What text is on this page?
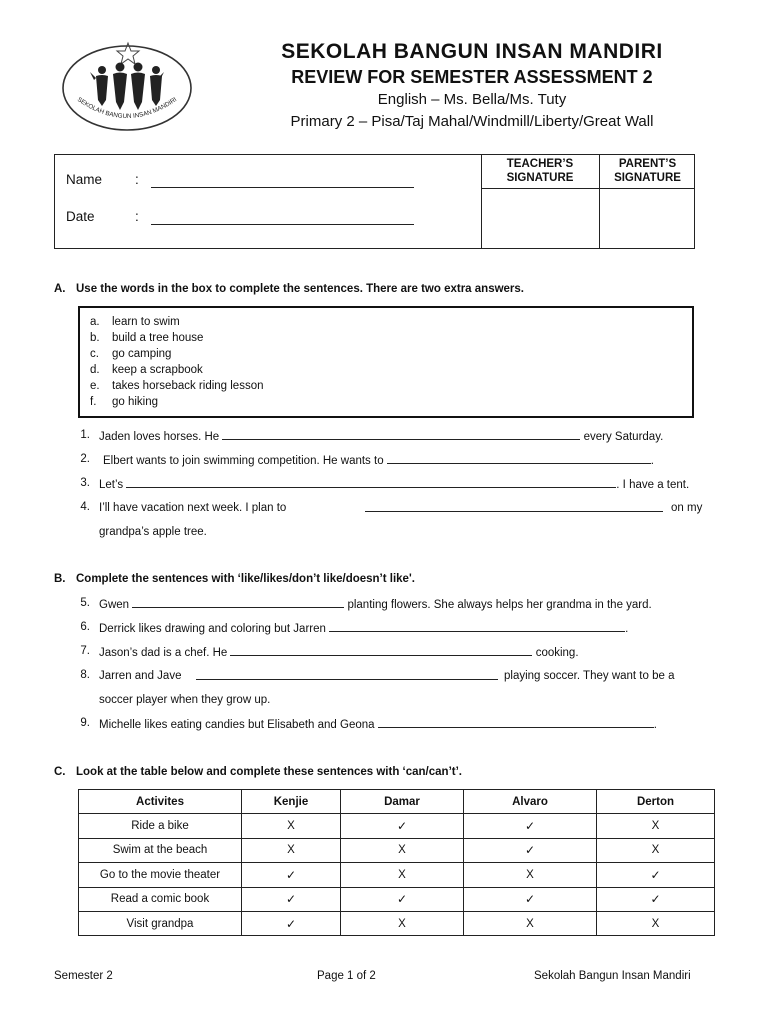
SEKOLAH BANGUN INSAN MANDIRI
SEKOLAH BANGUN INSAN MANDIRI
REVIEW FOR SEMESTER ASSESSMENT 2
English – Ms. Bella/Ms. Tuty
Primary 2 – Pisa/Taj Mahal/Windmill/Liberty/Great Wall
TEACHER’S
SIGNATURE
PARENT’S
SIGNATURE
Name :
Date	:
A. Use the words in the box to complete the sentences. There are two extra answers.
a. learn to swim
b. build a tree house
c. go camping
d. keep a scrapbook
e. takes horseback riding lesson
f. go hiking
1. Jaden loves horses. He	every Saturday.
2. Elbert wants to join swimming competition. He wants to	.
3. Let’s	. I have a tent.
4. I’ll have vacation next week. I plan to	on my
grandpa’s apple tree.
B. Complete the sentences with ‘like/likes/don’t like/doesn’t like'.
5. Gwen	planting flowers. She always helps her grandma in the yard.
6. Derrick likes drawing and coloring but Jarren	.
7. Jason’s dad is a chef. He	cooking.
8. Jarren and Jave	playing soccer. They want to be a
soccer player when they grow up.
9. Michelle likes eating candies but Elisabeth and Geona	.
C. Look at the table below and complete these sentences with ‘can/can’t’.
Activites	Kenjie	Damar	Alvaro	Derton
Ride a bike	X	✓	✓	X
Swim at the beach	X	X	✓	X
Go to the movie theater	✓	X	X	✓
Read a comic book	✓	✓	✓	✓
Visit grandpa	✓	X	X	X
Semester 2	Page 1 of 2	Sekolah Bangun Insan Mandiri
